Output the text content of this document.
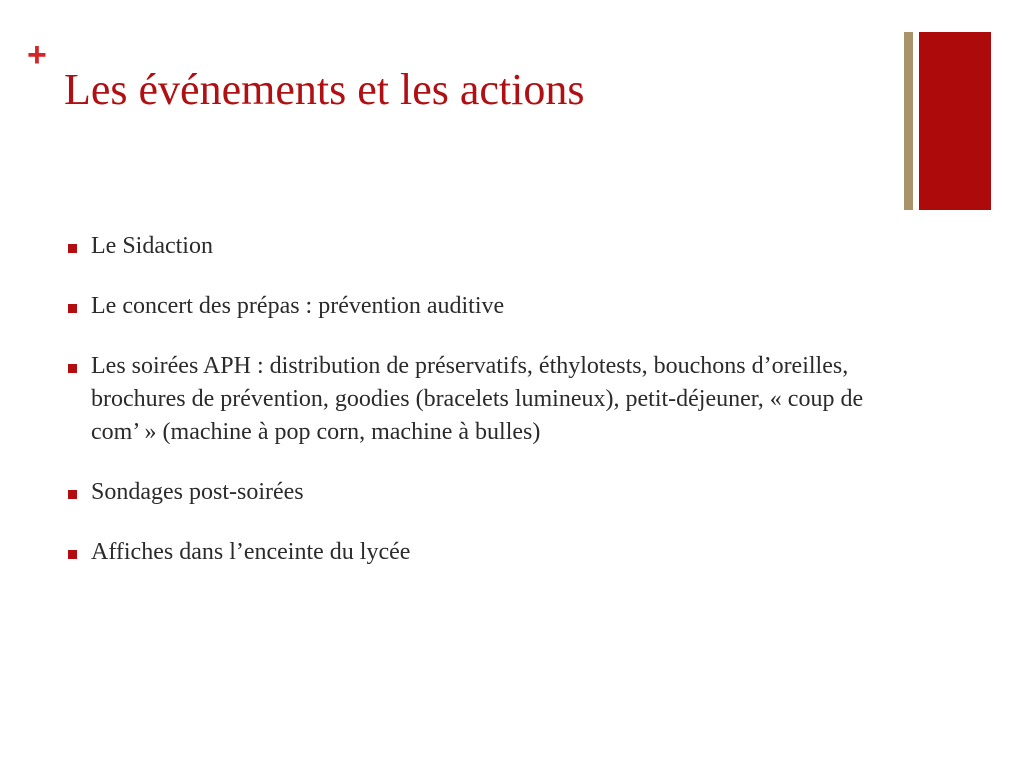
+
Les événements et les actions
Le Sidaction
Le concert des prépas : prévention auditive
Les soirées APH : distribution de préservatifs, éthylotests, bouchons d’oreilles, brochures de prévention, goodies (bracelets lumineux), petit-déjeuner, « coup de com’ » (machine à pop corn, machine à bulles)
Sondages post-soirées
Affiches dans l’enceinte du lycée
